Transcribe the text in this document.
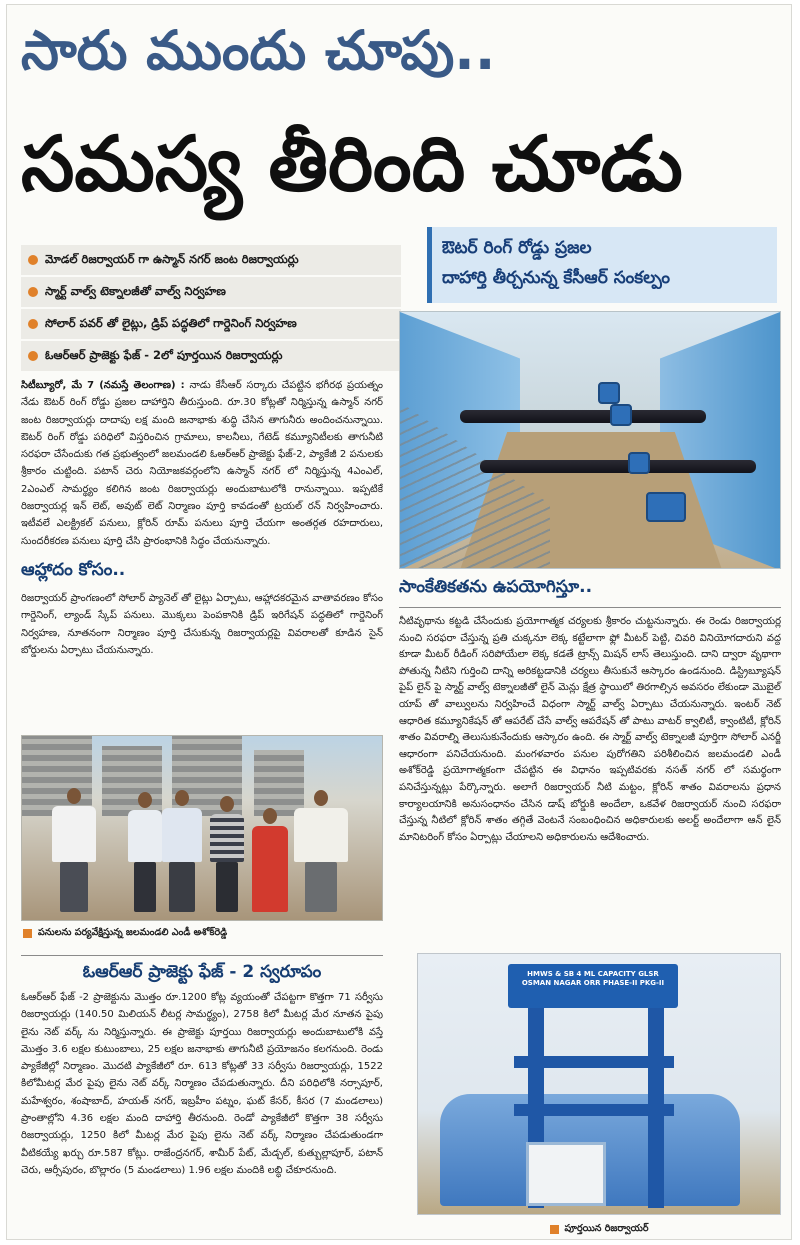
సారు ముందు చూపు..
సమస్య తీరింది చూడు
మోడల్ రిజర్వాయర్ గా ఉస్మాన్ నగర్ జంట రిజర్వాయర్లు
స్మార్ట్ వాల్వ్ టెక్నాలజీతో వాల్వ్ నిర్వహణ
సోలార్ పవర్ తో లైట్లు, డ్రిప్ పద్ధతిలో గార్డెనింగ్ నిర్వహణ
ఓఆర్ఆర్ ప్రాజెక్టు ఫేజ్ - 2లో పూర్తయిన రిజర్వాయర్లు
ఔటర్ రింగ్ రోడ్డు ప్రజల
దాహార్తి తీర్చనున్న కేసీఆర్ సంకల్పం

సిటీబ్యూరో, మే 7 (నమస్తే తెలంగాణ) : నాడు కేసీఆర్ సర్కారు చేపట్టిన భగీరథ ప్రయత్నం నేడు ఔటర్ రింగ్ రోడ్డు ప్రజల దాహార్తిని తీరుస్తుంది. రూ.30 కోట్లతో నిర్మిస్తున్న ఉస్మాన్ నగర్ జంట రిజర్వాయర్లు దాదాపు లక్ష మంది జనాభాకు శుద్ధి చేసిన తాగునీరు అందించనున్నాయి. ఔటర్ రింగ్ రోడ్డు పరిధిలో విస్తరించిన గ్రామాలు, కాలనీలు, గేటెడ్ కమ్యూనిటీలకు తాగునీటి సరఫరా చేసేందుకు గత ప్రభుత్వంలో జలమండలి ఓఆర్ఆర్ ప్రాజెక్టు ఫేజ్-2, ప్యాకేజీ 2 పనులకు శ్రీకారం చుట్టింది. పటాన్ చెరు నియోజకవర్గంలోని ఉస్మాన్ నగర్ లో నిర్మిస్తున్న 4ఎంఎల్, 2ఎంఎల్ సామర్థ్యం కలిగిన జంట రిజర్వాయర్లు అందుబాటులోకి రానున్నాయి. ఇప్పటికే రిజర్వాయర్ల ఇన్ లెట్, అవుట్ లెట్ నిర్మాణం పూర్తి కావడంతో ట్రయల్ రన్ నిర్వహించారు. ఇటీవలే ఎలక్ట్రికల్ పనులు, క్లోరిన్ రూమ్ పనులు పూర్తి చేయగా అంతర్గత రహదారులు, సుందరీకరణ పనులు పూర్తి చేసి ప్రారంభానికి సిద్ధం చేయనున్నారు.

ఆహ్లాదం కోసం..

రిజర్వాయర్ ప్రాంగణంలో సోలార్ ప్యానెల్ తో లైట్లు ఏర్పాటు, ఆహ్లాదకరమైన వాతావరణం కోసం గార్డెనింగ్, ల్యాండ్ స్కేప్ పనులు. మొక్కలు పెంపకానికి డ్రిప్ ఇరిగేషన్ పద్ధతిలో గార్డెనింగ్ నిర్వహణ, నూతనంగా నిర్మాణం పూర్తి చేసుకున్న రిజర్వాయర్లపై వివరాలతో కూడిన సైన్ బోర్డులను ఏర్పాటు చేయనున్నారు.

సాంకేతికతను ఉపయోగిస్తూ..

నీటివృథాను కట్టడి చేసేందుకు ప్రయోగాత్మక చర్యలకు శ్రీకారం చుట్టనున్నారు. ఈ రెండు రిజర్వాయర్ల నుంచి సరఫరా చేస్తున్న ప్రతి చుక్కనూ లెక్క కట్టేలాగా ఫ్లో మీటర్ పెట్టి, చివరి వినియోగదారుని వద్ద కూడా మీటర్ రీడింగ్ సరిపోయేలా లెక్క కడతే ట్రాన్స్ మిషన్ లాస్ తెలుస్తుంది. దాని ద్వారా వృథాగా పోతున్న నీటిని గుర్తించి దాన్ని అరికట్టడానికి చర్యలు తీసుకునే ఆస్కారం ఉండనుంది. డిస్ట్రిబ్యూషన్ పైప్ లైన్ పై స్మార్ట్ వాల్వ్ టెక్నాలజీతో లైన్ మెన్లు క్షేత్ర స్థాయిలో తిరగాల్సిన అవసరం లేకుండా మొబైల్ యాప్ తో వాల్వులను నిర్వహించే విధంగా స్మార్ట్ వాల్వ్ ఏర్పాటు చేయనున్నారు. ఇంటర్ నెట్ ఆధారిత కమ్యూనికేషన్ తో ఆపరేట్ చేసే వాల్వ్ ఆపరేషన్ తో పాటు వాటర్ క్వాలిటీ, క్వాంటిటీ, క్లోరిన్ శాతం వివరాల్ని తెలుసుకునేందుకు ఆస్కారం ఉంది. ఈ స్మార్ట్ వాల్వ్ టెక్నాలజీ పూర్తిగా సోలార్ ఎనర్జీ ఆధారంగా పనిచేయనుంది. మంగళవారం పనుల పురోగతిని పరిశీలించిన జలమండలి ఎండీ అశోక్‌రెడ్డి ప్రయోగాత్మకంగా చేపట్టిన ఈ విధానం ఇప్పటివరకు నసత్ నగర్ లో సమర్థంగా పనిచేస్తున్నట్లు పేర్కొన్నారు. అలాగే రిజర్వాయర్ నీటి మట్టం, క్లోరిన్ శాతం వివరాలను ప్రధాన కార్యాలయానికి అనుసంధానం చేసిన డాష్ బోర్డుకి అందేలా, ఒకవేళ రిజర్వాయర్ నుంచి సరఫరా చేస్తున్న నీటిలో క్లోరిన్ శాతం తగ్గితే వెంటనే సంబంధించిన అధికారులకు అలర్ట్ అందేలాగా ఆన్ లైన్ మానిటరింగ్ కోసం ఏర్పాట్లు చేయాలని అధికారులను ఆదేశించారు.

పనులను పర్యవేక్షిస్తున్న జలమండలి ఎండీ అశోక్‌రెడ్డి
ఓఆర్ఆర్ ప్రాజెక్టు ఫేజ్ - 2 స్వరూపం

ఓఆర్ఆర్ ఫేజ్ -2 ప్రాజెక్టును మొత్తం రూ.1200 కోట్ల వ్యయంతో చేపట్టగా కొత్తగా 71 సర్వీసు రిజర్వాయర్లు (140.50 మిలియన్ లీటర్ల సామర్థ్యం), 2758 కిలో మీటర్ల మేర నూతన పైపు లైను నెట్ వర్క్ ను నిర్మిస్తున్నారు. ఈ ప్రాజెక్టు పూర్తయి రిజర్వాయర్లు అందుబాటులోకి వస్తే మొత్తం 3.6 లక్షల కుటుంబాలు, 25 లక్షల జనాభాకు తాగునీటి ప్రయోజనం కలగనుంది. రెండు ప్యాకేజీల్లో నిర్మాణం. మొదటి ప్యాకేజీలో రూ. 613 కోట్లతో 33 సర్వీసు రిజర్వాయర్లు, 1522 కిలోమీటర్ల మేర పైపు లైను నెట్ వర్క్ నిర్మాణం చేపడుతున్నారు. దీని పరిధిలోకి నర్సాపూర్, మహేశ్వరం, శంషాబాద్, హయత్ నగర్, ఇబ్రహీం పట్నం, ఘట్ కేసర్, కీసర (7 మండలాలు) ప్రాంతాల్లోని 4.36 లక్షల మంది దాహార్తి తీరనుంది. రెండో ప్యాకేజీలో కొత్తగా 38 సర్వీసు రిజర్వాయర్లు, 1250 కిలో మీటర్ల మేర పైపు లైను నెట్ వర్క్ నిర్మాణం చేపడుతుండగా వీటికయ్యే ఖర్చు రూ.587 కోట్లు. రాజేంద్రనగర్, శామీర్ పేట్, మేడ్చల్, కుత్బుల్లాపూర్, పటాన్ చెరు, ఆర్సీపురం, బొల్లారం (5 మండలాలు) 1.96 లక్షల మందికి లబ్ధి చేకూరనుంది.

HMWS & SB 4 ML CAPACITY GLSR OSMAN NAGAR ORR PHASE-II PKG-II
పూర్తయిన రిజర్వాయర్
